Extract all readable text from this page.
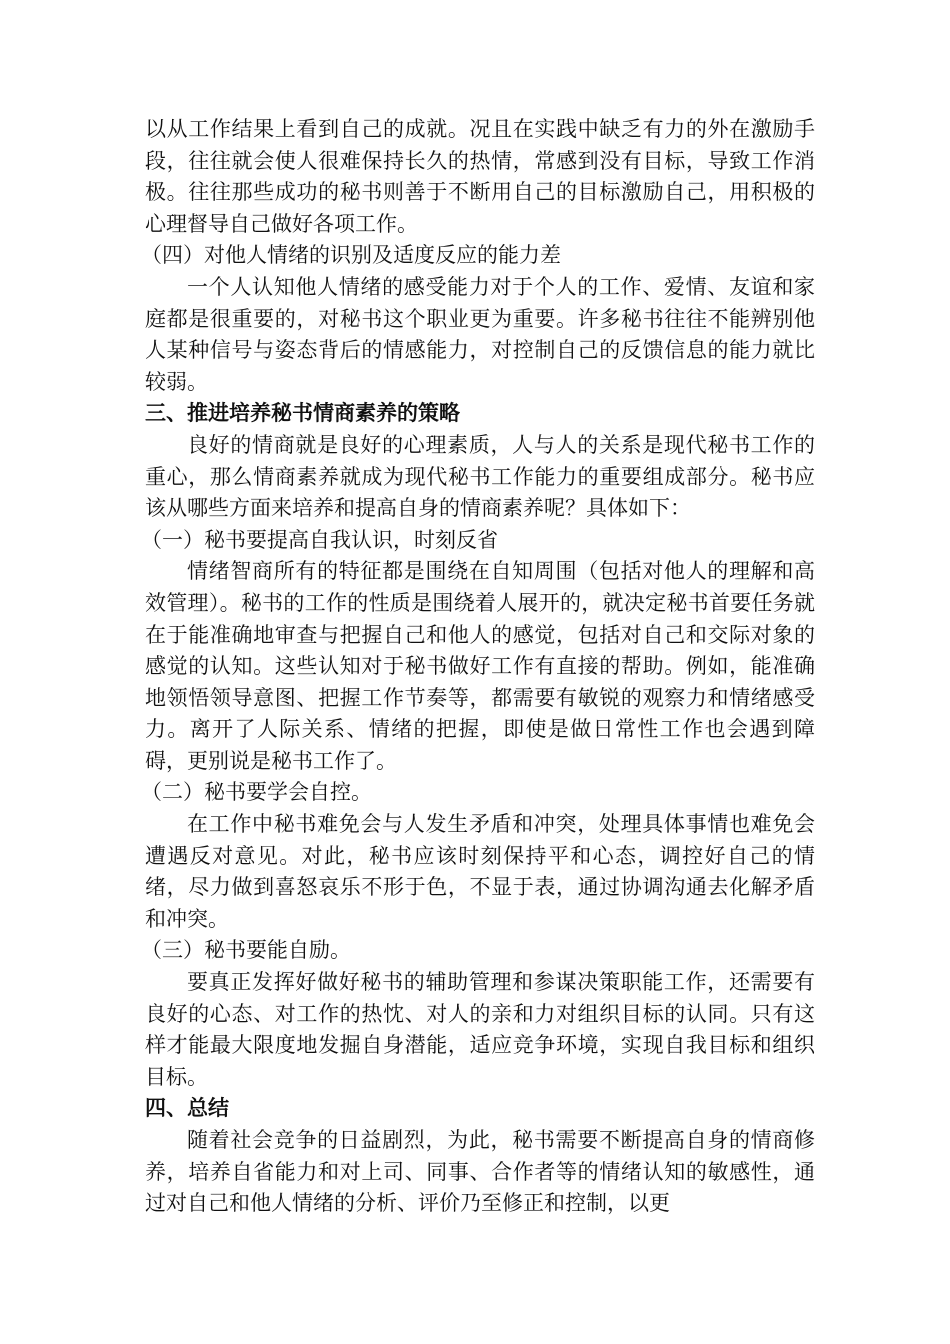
以从工作结果上看到自己的成就。况且在实践中缺乏有力的外在激励手段，往往就会使人很难保持长久的热情，常感到没有目标，导致工作消极。往往那些成功的秘书则善于不断用自己的目标激励自己，用积极的心理督导自己做好各项工作。

（四）对他人情绪的识别及适度反应的能力差

一个人认知他人情绪的感受能力对于个人的工作、爱情、友谊和家庭都是很重要的，对秘书这个职业更为重要。许多秘书往往不能辨别他人某种信号与姿态背后的情感能力，对控制自己的反馈信息的能力就比较弱。

三、推进培养秘书情商素养的策略

良好的情商就是良好的心理素质，人与人的关系是现代秘书工作的重心，那么情商素养就成为现代秘书工作能力的重要组成部分。秘书应该从哪些方面来培养和提高自身的情商素养呢？具体如下：

（一）秘书要提高自我认识，时刻反省

情绪智商所有的特征都是围绕在自知周围（包括对他人的理解和高效管理）。秘书的工作的性质是围绕着人展开的，就决定秘书首要任务就在于能准确地审查与把握自己和他人的感觉，包括对自己和交际对象的感觉的认知。这些认知对于秘书做好工作有直接的帮助。例如，能准确地领悟领导意图、把握工作节奏等，都需要有敏锐的观察力和情绪感受力。离开了人际关系、情绪的把握，即使是做日常性工作也会遇到障碍，更别说是秘书工作了。

（二）秘书要学会自控。

在工作中秘书难免会与人发生矛盾和冲突，处理具体事情也难免会遭遇反对意见。对此，秘书应该时刻保持平和心态，调控好自己的情绪，尽力做到喜怒哀乐不形于色，不显于表，通过协调沟通去化解矛盾和冲突。

（三）秘书要能自励。

要真正发挥好做好秘书的辅助管理和参谋决策职能工作，还需要有良好的心态、对工作的热忱、对人的亲和力对组织目标的认同。只有这样才能最大限度地发掘自身潜能，适应竞争环境，实现自我目标和组织目标。

四、总结

随着社会竞争的日益剧烈，为此，秘书需要不断提高自身的情商修养，培养自省能力和对上司、同事、合作者等的情绪认知的敏感性，通过对自己和他人情绪的分析、评价乃至修正和控制，以更
